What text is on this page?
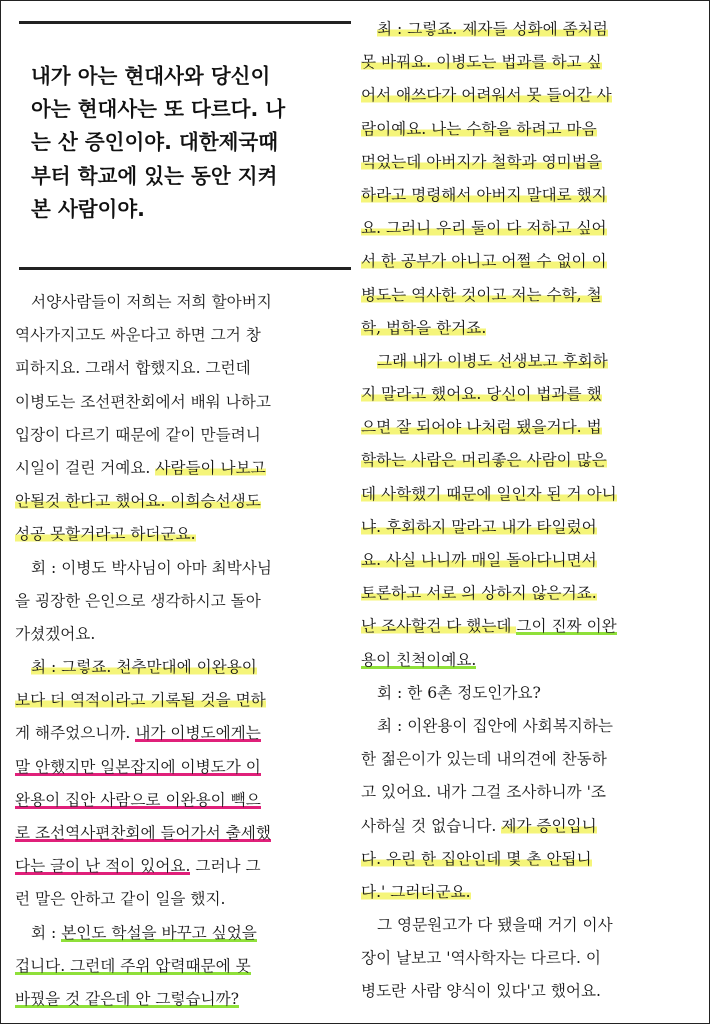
내가 아는 현대사와 당신이
아는 현대사는 또 다르다. 나
는 산 증인이야. 대한제국때
부터 학교에 있는 동안 지켜
본 사람이야.
서양사람들이 저희는 저희 할아버지
역사가지고도 싸운다고 하면 그거 창
피하지요. 그래서 합했지요. 그런데
이병도는 조선편찬회에서 배워 나하고
입장이 다르기 때문에 같이 만들려니
시일이 걸린 거예요. 사람들이 나보고
안될것 한다고 했어요. 이희승선생도
성공 못할거라고 하더군요.
회 : 이병도 박사님이 아마 최박사님
을 굉장한 은인으로 생각하시고 돌아
가셨겠어요.
최 : 그렇죠. 천추만대에 이완용이
보다 더 역적이라고 기록될 것을 면하
게 해주었으니까. 내가 이병도에게는
말 안했지만 일본잡지에 이병도가 이
완용이 집안 사람으로 이완용이 빽으
로 조선역사편찬회에 들어가서 출세했
다는 글이 난 적이 있어요. 그러나 그
런 말은 안하고 같이 일을 했지.
회 : 본인도 학설을 바꾸고 싶었을
겁니다. 그런데 주위 압력때문에 못
바꿨을 것 같은데 안 그렇습니까?
최 : 그렇죠. 제자들 성화에 좀처럼
못 바꿔요. 이병도는 법과를 하고 싶
어서 애쓰다가 어려워서 못 들어간 사
람이예요. 나는 수학을 하려고 마음
먹었는데 아버지가 철학과 영미법을
하라고 명령해서 아버지 말대로 했지
요. 그러니 우리 둘이 다 저하고 싶어
서 한 공부가 아니고 어쩔 수 없이 이
병도는 역사한 것이고 저는 수학, 철
학, 법학을 한거죠.
그래 내가 이병도 선생보고 후회하
지 말라고 했어요. 당신이 법과를 했
으면 잘 되어야 나처럼 됐을거다. 법
학하는 사람은 머리좋은 사람이 많은
데 사학했기 때문에 일인자 된 거 아니
냐. 후회하지 말라고 내가 타일렀어
요. 사실 나니까 매일 돌아다니면서
토론하고 서로 의 상하지 않은거죠.
난 조사할건 다 했는데 그이 진짜 이완
용이 친척이예요.
회 : 한 6촌 정도인가요?
최 : 이완용이 집안에 사회복지하는
한 젊은이가 있는데 내의견에 찬동하
고 있어요. 내가 그걸 조사하니까 '조
사하실 것 없습니다. 제가 증인입니
다. 우린 한 집안인데 몇 촌 안됩니
다.' 그러더군요.
그 영문원고가 다 됐을때 거기 이사
장이 날보고 '역사학자는 다르다. 이
병도란 사람 양식이 있다'고 했어요.
